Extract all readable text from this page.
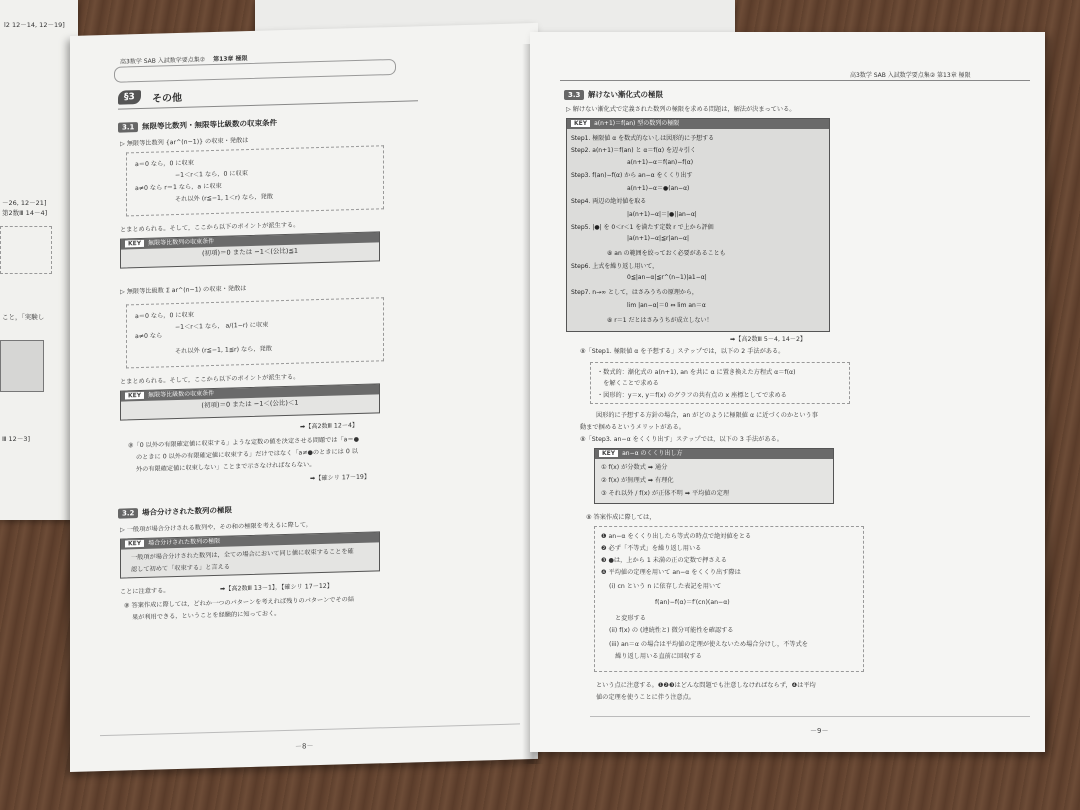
l2 12－14, 12－19]
－26, 12－21]
第2数Ⅲ 14－4]
こと，「実験し
Ⅲ 12－3]
高3数学 SAB 入試数学要点集② 第13章 極限
§3	その他
3.1	無限等比数列・無限等比級数の収束条件
▷ 無限等比数列 {ar^(n−1)} の収束・発散は
a＝0 なら，0 に収束
−1＜r＜1 なら，0 に収束
a≠0 なら r＝1 なら，a に収束
それ以外 (r≦−1, 1＜r) なら，発散
とまとめられる。そして，ここから以下のポイントが派生する。
KEY 無限等比数列の収束条件
(初項)＝0 または −1＜(公比)≦1
▷ 無限等比級数 Σ ar^(n−1) の収束・発散は
a＝0 なら，0 に収束
−1＜r＜1 なら， a/(1−r) に収束
a≠0 なら
それ以外 (r≦−1, 1≦r) なら，発散
とまとめられる。そして，ここから以下のポイントが派生する。
KEY 無限等比級数の収束条件
(初項)＝0 または −1＜(公比)＜1
➡【高2数Ⅲ 12－4】
⑧「0 以外の有限確定値に収束する」ような定数の値を決定させる問題では「a＝●
のときに 0 以外の有限確定値に収束する」だけではなく「a≠●のときには 0 以
外の有限確定値に収束しない」ことまで示さなければならない。
➡【確シリ 17－19】
3.2	場合分けされた数列の極限
▷ 一般項が場合分けされる数列や，その和の極限を考えるに際して，
KEY 場合分けされた数列の極限
一般項が場合分けされた数列は，全ての場合において同じ値に収束することを確
認して初めて「収束する」と言える
ことに注意する。	➡【高2数Ⅲ 13－1】，【確シリ 17－12】
⑧ 答案作成に際しては，どれか一つのパターンを考えれば残りのパターンでその結
果が利用できる，ということを経験的に知っておく。
－8－
高3数学 SAB 入試数学要点集② 第13章 極限
3.3	解けない漸化式の極限
▷ 解けない漸化式で定義された数列の極限を求める問題は，解法が決まっている。
KEY a(n+1)＝f(an) 型の数列の極限
Step1. 極限値 α を数式的ないしは図形的に予想する
Step2. a(n+1)＝f(an) と α＝f(α) を辺々引く
a(n+1)−α＝f(an)−f(α)
Step3. f(an)−f(α) から an−α をくくり出す
a(n+1)−α＝●(an−α)
Step4. 両辺の絶対値を取る
|a(n+1)−α|＝|●||an−α|
Step5. |●| を 0＜r＜1 を満たす定数 r で上から評価
|a(n+1)−α|≦r|an−α|
⑧ an の範囲を絞っておく必要があることも
Step6. 上式を繰り返し用いて，
0≦|an−α|≦r^(n−1)|a1−α|
Step7. n→∞ として，はさみうちの原理から，
lim |an−α|＝0 ⇔ lim an＝α
⑧ r＝1 だとはさみうちが成立しない！
➡【高2数Ⅲ 5－4, 14－2】
⑧「Step1. 極限値 α を予想する」ステップでは，以下の 2 手法がある。
・数式的：漸化式の a(n+1), an を共に α に置き換えた方程式 α＝f(α)
　を解くことで求める
・図形的：y＝x, y＝f(x) のグラフの共有点の x 座標としてで求める
図形的に予想する方針の場合，an がどのように極限値 α に近づくのかという事
動まで掴めるというメリットがある。
⑧「Step3. an−α をくくり出す」ステップでは，以下の 3 手法がある。
KEY an−α のくくり出し方
① f(x) が分数式 ➡ 通分
② f(x) が無理式 ➡ 有理化
③ それ以外 / f(x) が正体不明 ➡ 平均値の定理
⑧ 答案作成に際しては，
❶ an−α をくくり出したら等式の時点で絶対値をとる
❷ 必ず「不等式」を繰り返し用いる
❸ ●は，上から 1 未満の正の定数で押さえる
❹ 平均値の定理を用いて an−α をくくり出す際は
(i) cn という n に依存した表記を用いて
f(an)−f(α)＝f′(cn)(an−α)
と変形する
(ii) f(x) の (連続性と) 微分可能性を確認する
(iii) an＝α の場合は平均値の定理が使えないため場合分けし，不等式を
　繰り返し用いる直前に回収する
という点に注意する。❶❷❸はどんな問題でも注意しなければならず，❹は平均
値の定理を使うことに伴う注意点。
－9－
